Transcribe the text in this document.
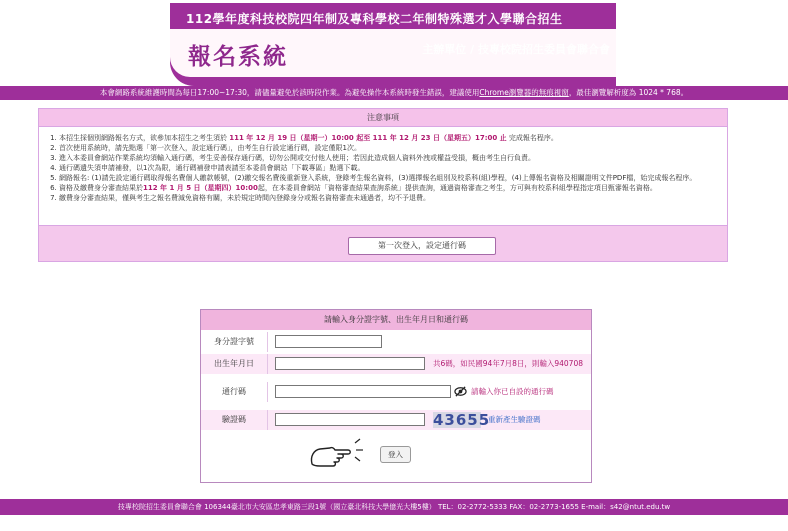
112學年度科技校院四年制及專科學校二年制特殊選才入學聯合招生
報名系統	主辦單位 / 技專校院招生委員會聯合會
本會網路系統維護時間為每日17:00~17:30，請儘量避免於該時段作業。為避免操作本系統時發生錯誤，建議使用Chrome瀏覽器的無痕視窗，最佳瀏覽解析度為 1024 * 768。
注意事項
1. 本招生採個別網路報名方式，欲參加本招生之考生須於 111 年 12 月 19 日（星期一）10:00 起至 111 年 12 月 23 日（星期五）17:00 止 完成報名程序。
2. 首次使用系統時，請先點選「第一次登入，設定通行碼」，由考生自行設定通行碼，設定僅限1次。
3. 進入本委員會網站作業系統均須輸入通行碼，考生妥善保存通行碼，切勿公開或交付他人使用；若因此造成個人資料外洩或權益受損，概由考生自行負責。
4. 通行碼遺失須申請補發，以1次為限，通行碼補發申請表請至本委員會網站「下載專區」點選下載。
5. 網路報名: (1)請先設定通行碼取得報名費個人繳款帳號，(2)繳交報名費後重新登入系統，登錄考生報名資料，(3)選擇報名組別及校系科(組)學程，(4)上傳報名資格及相關證明文件PDF檔，始完成報名程序。
6. 資格及繳費身分審查結果於112 年 1 月 5 日（星期四）10:00起，在本委員會網站「資格審查結果查詢系統」提供查詢，通過資格審查之考生，方可與有校系科組學程指定項目甄審報名資格。
7. 繳費身分審查結果，僅與考生之報名費減免資格有關，未於規定時間內登錄身分或報名資格審查未通過者，均不予退費。
第一次登入，設定通行碼
請輸入身分證字號、出生年月日和通行碼
身分證字號
出生年月日	共6碼，如民國94年7月8日，則輸入940708
通行碼	請輸入你已自設的通行碼
驗證碼	43655
重新產生驗證碼
登入
技專校院招生委員會聯合會 106344臺北市大安區忠孝東路三段1號（國立臺北科技大學億光大樓5樓） TEL：02-2772-5333 FAX：02-2773-1655 E-mail：s42@ntut.edu.tw
